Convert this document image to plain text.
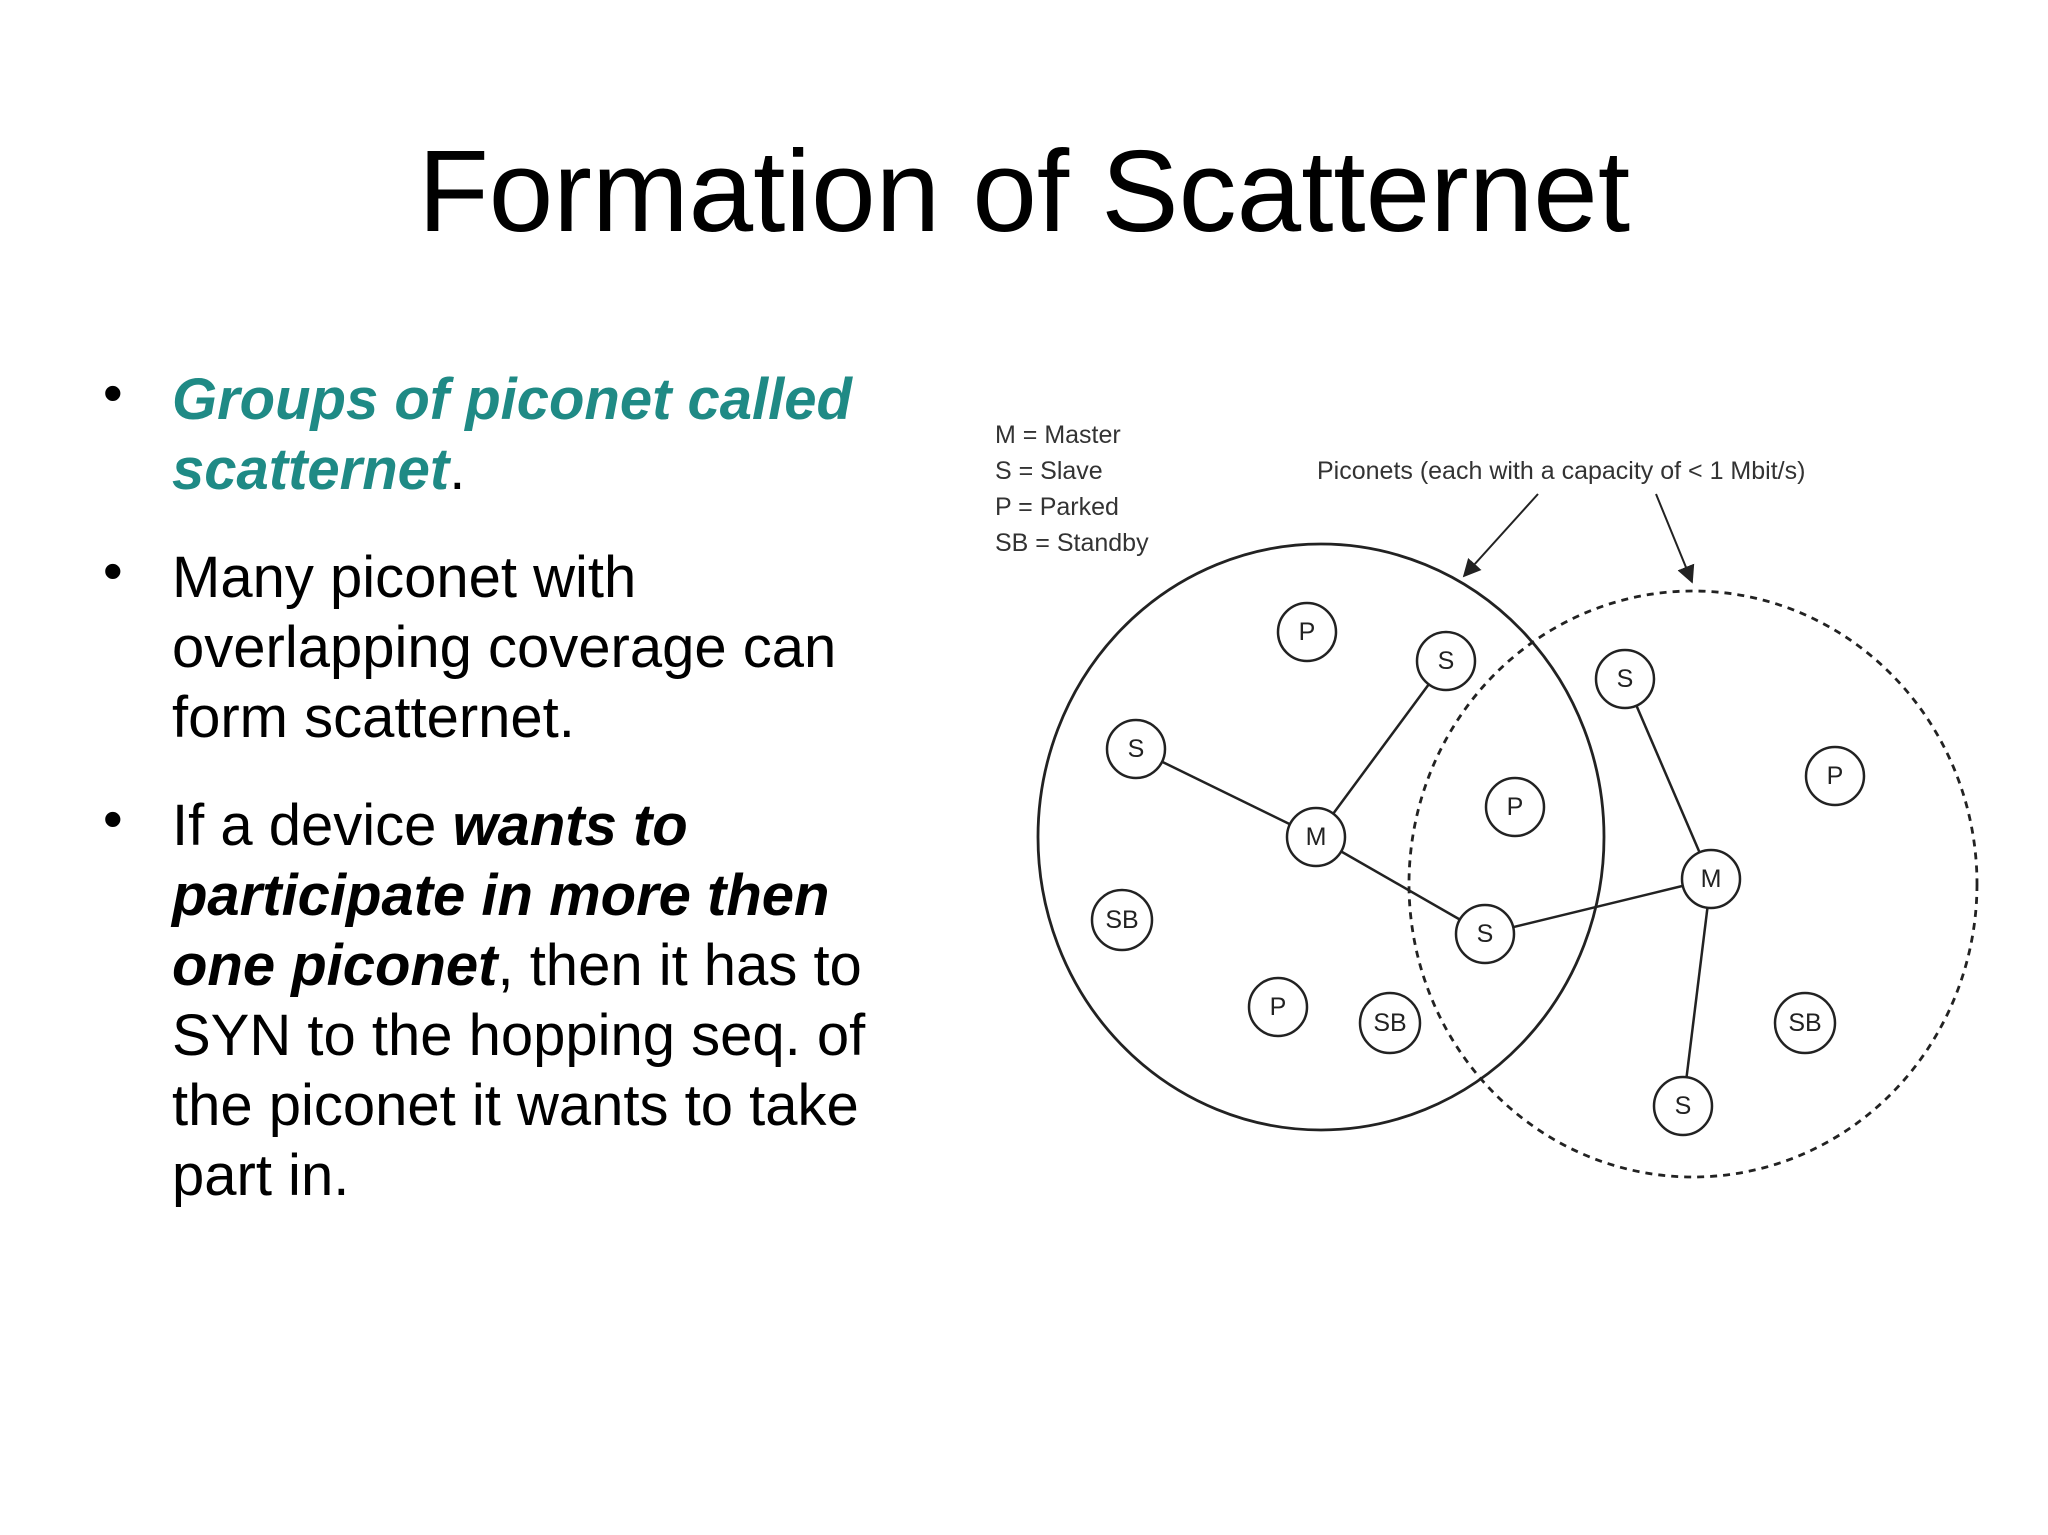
Formation of Scatternet
• Groups of piconet called scatternet.
• Many piconet with overlapping coverage can form scatternet.
• If a device wants to participate in more then one piconet, then it has to SYN to the hopping seq. of the piconet it wants to take part in.
M = Master
S = Slave
P = Parked
SB = Standby
Piconets (each with a capacity of < 1 Mbit/s)
P
S
S
M
P
SB	S
P
SB
S
P
M
SB
S
